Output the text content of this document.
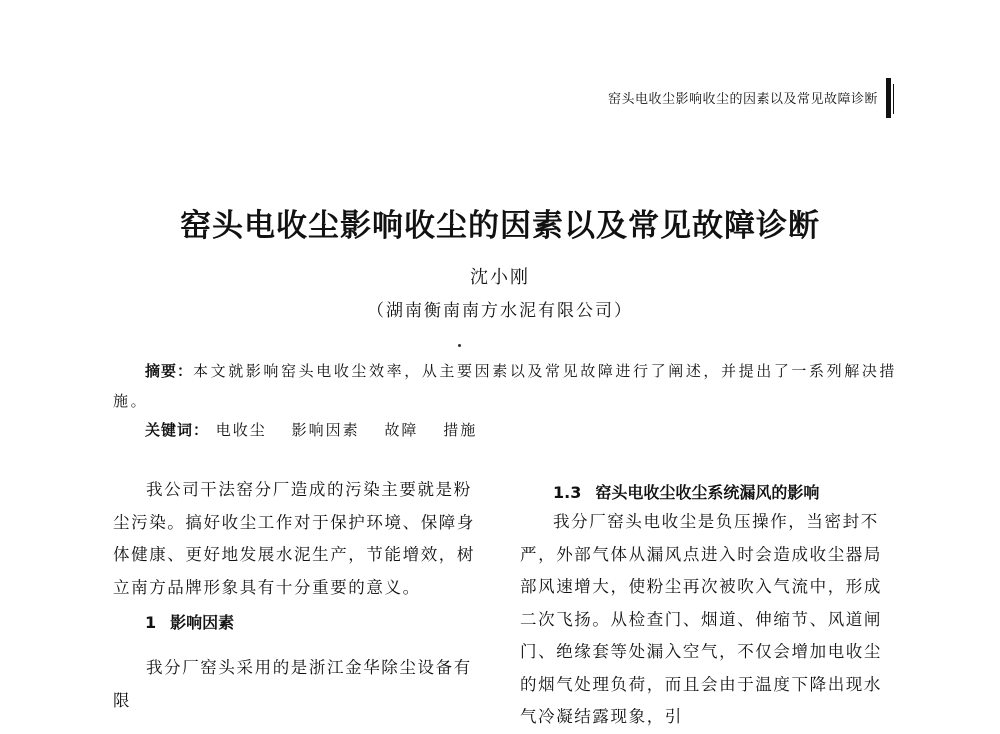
窑头电收尘影响收尘的因素以及常见故障诊断
窑头电收尘影响收尘的因素以及常见故障诊断
沈小刚
（湖南衡南南方水泥有限公司）
摘要：本文就影响窑头电收尘效率，从主要因素以及常见故障进行了阐述，并提出了一系列解决措施。
关键词： 电收尘 影响因素 故障 措施

我公司干法窑分厂造成的污染主要就是粉尘污染。搞好收尘工作对于保护环境、保障身体健康、更好地发展水泥生产，节能增效，树立南方品牌形象具有十分重要的意义。

1 影响因素

我分厂窑头采用的是浙江金华除尘设备有限

1.3 窑头电收尘收尘系统漏风的影响

我分厂窑头电收尘是负压操作，当密封不严，外部气体从漏风点进入时会造成收尘器局部风速增大，使粉尘再次被吹入气流中，形成二次飞扬。从检查门、烟道、伸缩节、风道闸门、绝缘套等处漏入空气，不仅会增加电收尘的烟气处理负荷，而且会由于温度下降出现水气冷凝结露现象，引
